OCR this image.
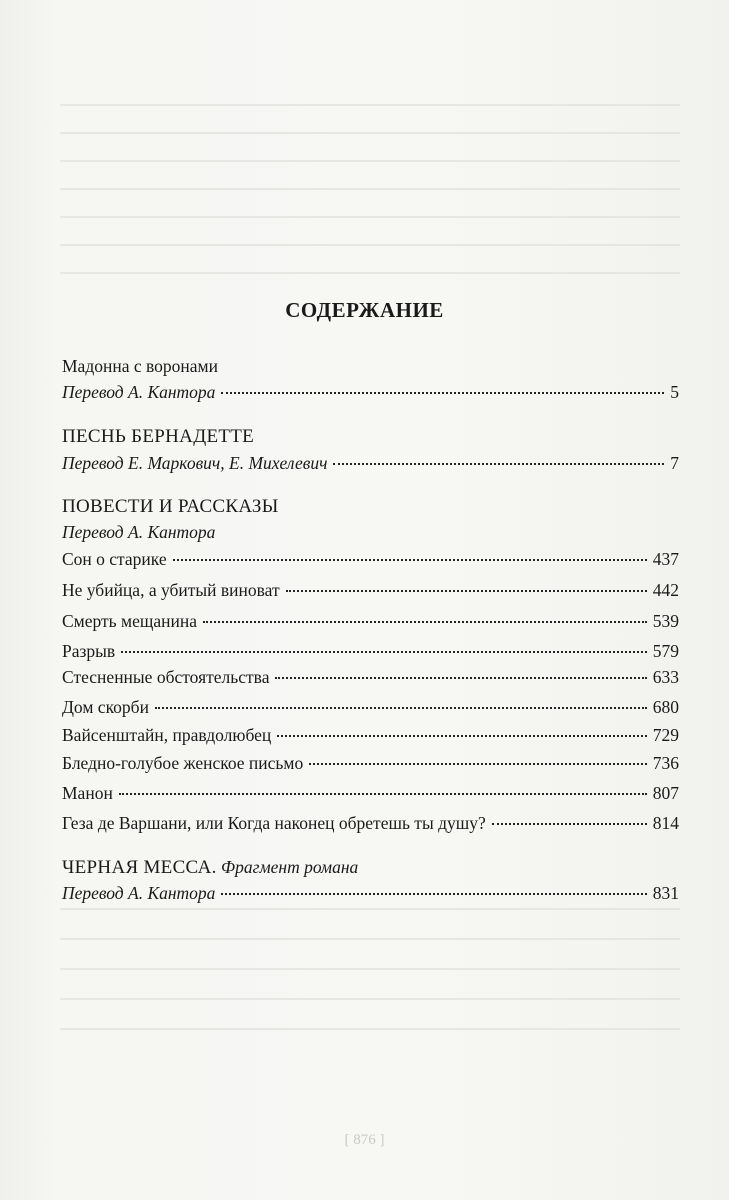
СОДЕРЖАНИЕ
Мадонна с воронами
Перевод А. Кантора	5
ПЕСНЬ БЕРНАДЕТТЕ
Перевод Е. Маркович, Е. Михелевич	7
ПОВЕСТИ И РАССКАЗЫ
Перевод А. Кантора
Сон о старике	437
Не убийца, а убитый виноват	442
Смерть мещанина	539
Разрыв	579
Стесненные обстоятельства	633
Дом скорби	680
Вайсенштайн, правдолюбец	729
Бледно-голубое женское письмо	736
Манон	807
Геза де Варшани, или Когда наконец обретешь ты душу?	814
ЧЕРНАЯ МЕССА. Фрагмент романа
Перевод А. Кантора	831
[ 876 ]
